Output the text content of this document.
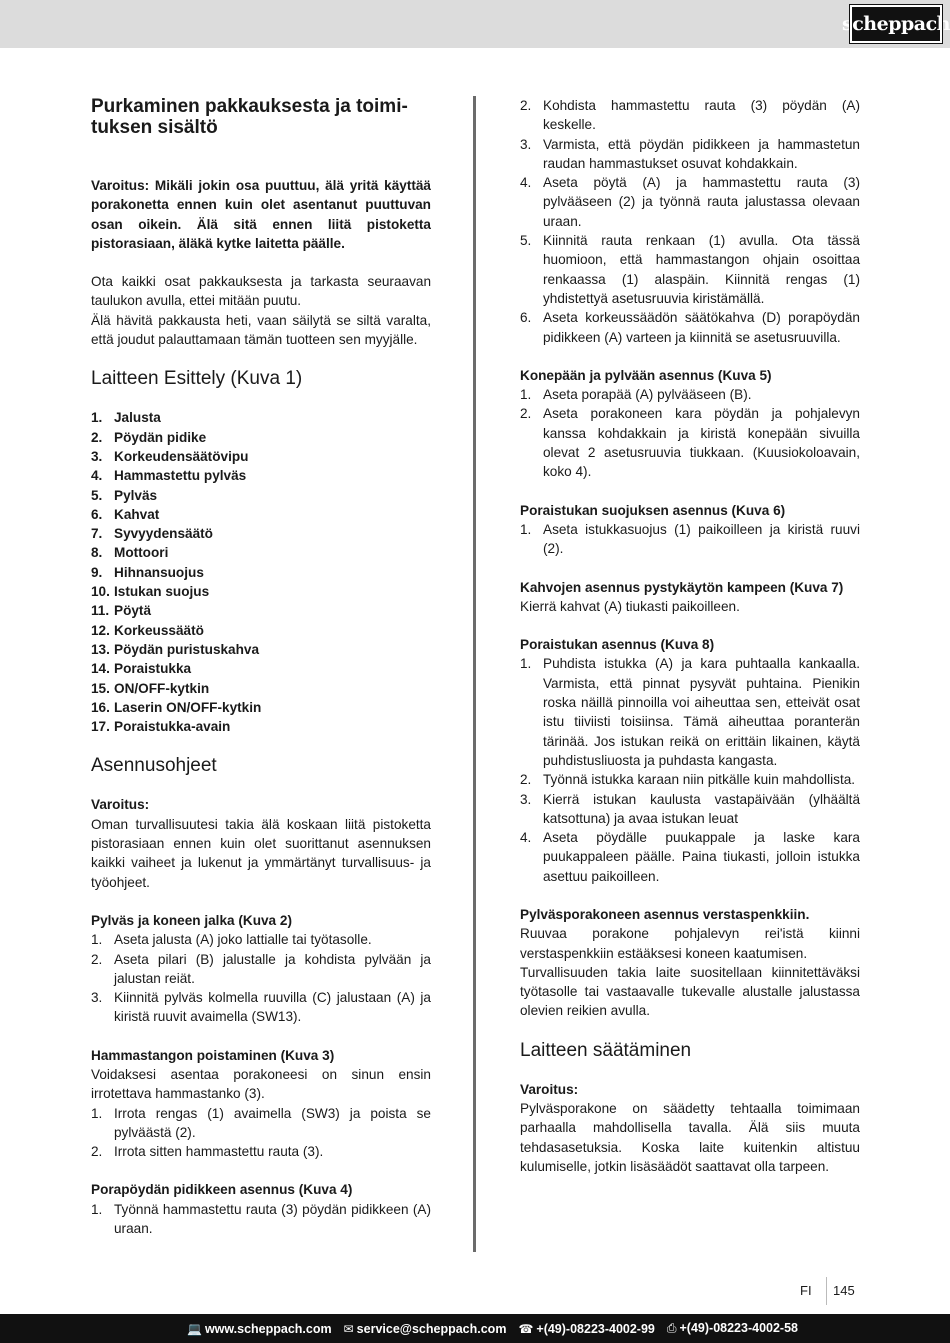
scheppach
Purkaminen pakkauksesta ja toimi-tuksen sisältö

Varoitus: Mikäli jokin osa puuttuu, älä yritä käyttää porakonetta ennen kuin olet asentanut puuttuvan osan oikein. Älä sitä ennen liitä pistoketta pistorasiaan, äläkä kytke laitetta päälle.

Ota kaikki osat pakkauksesta ja tarkasta seuraavan taulukon avulla, ettei mitään puutu.

Älä hävitä pakkausta heti, vaan säilytä se siltä varalta, että joudut palauttamaan tämän tuotteen sen myyjälle.

Laitteen Esittely (Kuva 1)
1. Jalusta
2. Pöydän pidike
3. Korkeudensäätövipu
4. Hammastettu pylväs
5. Pylväs
6. Kahvat
7. Syvyydensäätö
8. Mottoori
9. Hihnansuojus
10. Istukan suojus
11. Pöytä
12. Korkeussäätö
13. Pöydän puristuskahva
14. Poraistukka
15. ON/OFF-kytkin
16. Laserin ON/OFF-kytkin
17. Poraistukka-avain
Asennusohjeet

Varoitus:

Oman turvallisuutesi takia älä koskaan liitä pistoketta pistorasiaan ennen kuin olet suorittanut asennuksen kaikki vaiheet ja lukenut ja ymmärtänyt turvallisuus- ja työohjeet.

Pylväs ja koneen jalka (Kuva 2)

1. Aseta jalusta (A) joko lattialle tai työtasolle.
2. Aseta pilari (B) jalustalle ja kohdista pylvään ja jalustan reiät.
3. Kiinnitä pylväs kolmella ruuvilla (C) jalustaan (A) ja kiristä ruuvit avaimella (SW13).

Hammastangon poistaminen (Kuva 3)

Voidaksesi asentaa porakoneesi on sinun ensin irrotettava hammastanko (3).

1. Irrota rengas (1) avaimella (SW3) ja poista se pylväästä (2).
2. Irrota sitten hammastettu rauta (3).

Porapöydän pidikkeen asennus (Kuva 4)

1. Työnnä hammastettu rauta (3) pöydän pidikkeen (A) uraan.
2. Kohdista hammastettu rauta (3) pöydän (A) keskelle.
3. Varmista, että pöydän pidikkeen ja hammastetun raudan hammastukset osuvat kohdakkain.
4. Aseta pöytä (A) ja hammastettu rauta (3) pylvääseen (2) ja työnnä rauta jalustassa olevaan uraan.
5. Kiinnitä rauta renkaan (1) avulla. Ota tässä huomioon, että hammastangon ohjain osoittaa renkaassa (1) alaspäin. Kiinnitä rengas (1) yhdistettyä asetusruuvia kiristämällä.
6. Aseta korkeussäädön säätökahva (D) porapöydän pidikkeen (A) varteen ja kiinnitä se asetusruuvilla.

Konepään ja pylvään asennus (Kuva 5)

1. Aseta porapää (A) pylvääseen (B).
2. Aseta porakoneen kara pöydän ja pohjalevyn kanssa kohdakkain ja kiristä konepään sivuilla olevat 2 asetusruuvia tiukkaan. (Kuusiokoloavain, koko 4).

Poraistukan suojuksen asennus (Kuva 6)

1. Aseta istukkasuojus (1) paikoilleen ja kiristä ruuvi (2).

Kahvojen asennus pystykäytön kampeen (Kuva 7)

Kierrä kahvat (A) tiukasti paikoilleen.

Poraistukan asennus (Kuva 8)

1. Puhdista istukka (A) ja kara puhtaalla kankaalla. Varmista, että pinnat pysyvät puhtaina. Pienikin roska näillä pinnoilla voi aiheuttaa sen, etteivät osat istu tiiviisti toisiinsa. Tämä aiheuttaa poranterän tärinää. Jos istukan reikä on erittäin likainen, käytä puhdistusliuosta ja puhdasta kangasta.
2. Työnnä istukka karaan niin pitkälle kuin mahdollista.
3. Kierrä istukan kaulusta vastapäivään (ylhäältä katsottuna) ja avaa istukan leuat
4. Aseta pöydälle puukappale ja laske kara puukappaleen päälle. Paina tiukasti, jolloin istukka asettuu paikoilleen.

Pylväsporakoneen asennus verstaspenkkiin.

Ruuvaa porakone pohjalevyn rei'istä kiinni verstaspenkkiin estääksesi koneen kaatumisen.

Turvallisuuden takia laite suositellaan kiinnitettäväksi työtasolle tai vastaavalle tukevalle alustalle jalustassa olevien reikien avulla.

Laitteen säätäminen

Varoitus:

Pylväsporakone on säädetty tehtaalla toimimaan parhaalla mahdollisella tavalla. Älä siis muuta tehdasasetuksia. Koska laite kuitenkin altistuu kulumiselle, jotkin lisäsäädöt saattavat olla tarpeen.

FI 145
💻 www.scheppach.com ✉ service@scheppach.com ☎ +(49)-08223-4002-99 ⎙ +(49)-08223-4002-58
